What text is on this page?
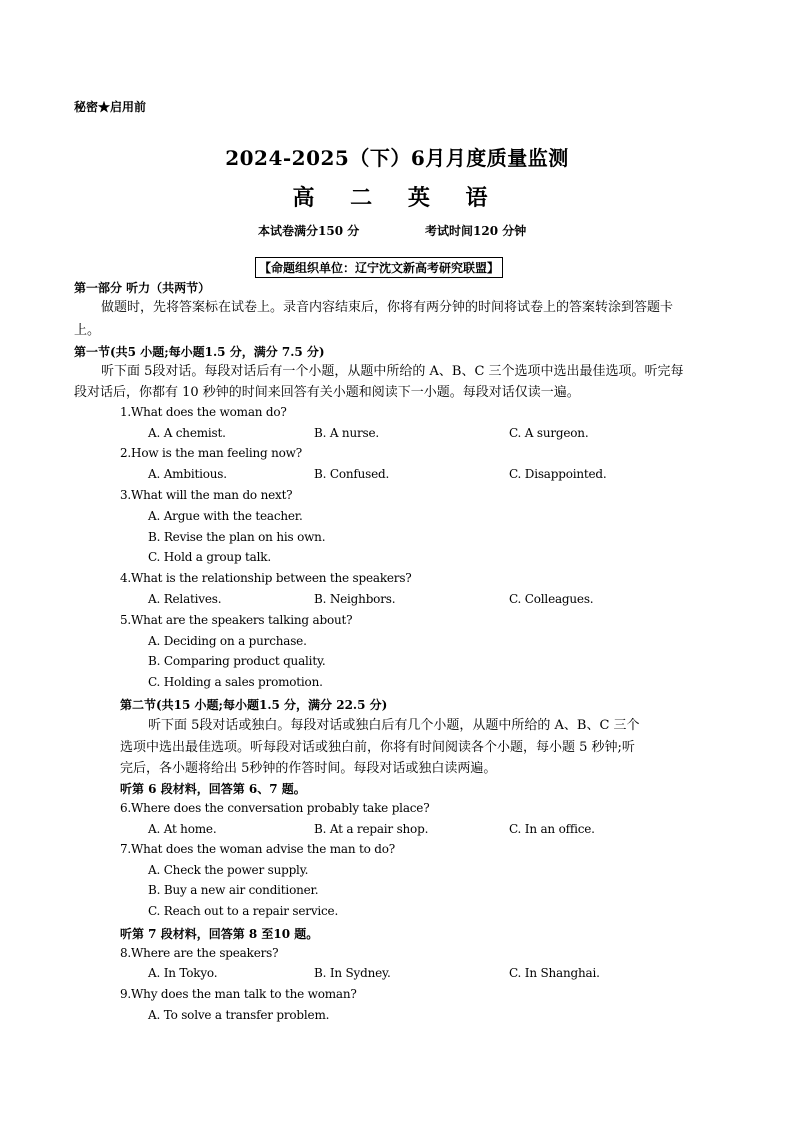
秘密★启用前
2024-2025（下）6月月度质量监测
高 二 英 语
本试卷满分150 分	考试时间120 分钟
【命题组织单位：辽宁沈文新高考研究联盟】
第一部分 听力（共两节）
做题时，先将答案标在试卷上。录音内容结束后，你将有两分钟的时间将试卷上的答案转涂到答题卡
上。
第一节(共5 小题;每小题1.5 分，满分 7.5 分)
听下面 5段对话。每段对话后有一个小题，从题中所给的 A、B、C 三个选项中选出最佳选项。听完每
段对话后，你都有 10 秒钟的时间来回答有关小题和阅读下一小题。每段对话仅读一遍。
1.What does the woman do?
A. A chemist.	B. A nurse.	C. A surgeon.
2.How is the man feeling now?
A. Ambitious.	B. Confused.	C. Disappointed.
3.What will the man do next?
A. Argue with the teacher.
B. Revise the plan on his own.
C. Hold a group talk.
4.What is the relationship between the speakers?
A. Relatives.	B. Neighbors.	C. Colleagues.
5.What are the speakers talking about?
A. Deciding on a purchase.
B. Comparing product quality.
C. Holding a sales promotion.
第二节(共15 小题;每小题1.5 分，满分 22.5 分)
听下面 5段对话或独白。每段对话或独白后有几个小题，从题中所给的 A、B、C 三个
选项中选出最佳选项。听每段对话或独白前，你将有时间阅读各个小题，每小题 5 秒钟;听
完后，各小题将给出 5秒钟的作答时间。每段对话或独白读两遍。
听第 6 段材料，回答第 6、7 题。
6.Where does the conversation probably take place?
A. At home.	B. At a repair shop.	C. In an office.
7.What does the woman advise the man to do?
A. Check the power supply.
B. Buy a new air conditioner.
C. Reach out to a repair service.
听第 7 段材料，回答第 8 至10 题。
8.Where are the speakers?
A. In Tokyo.	B. In Sydney.	C. In Shanghai.
9.Why does the man talk to the woman?
A. To solve a transfer problem.
